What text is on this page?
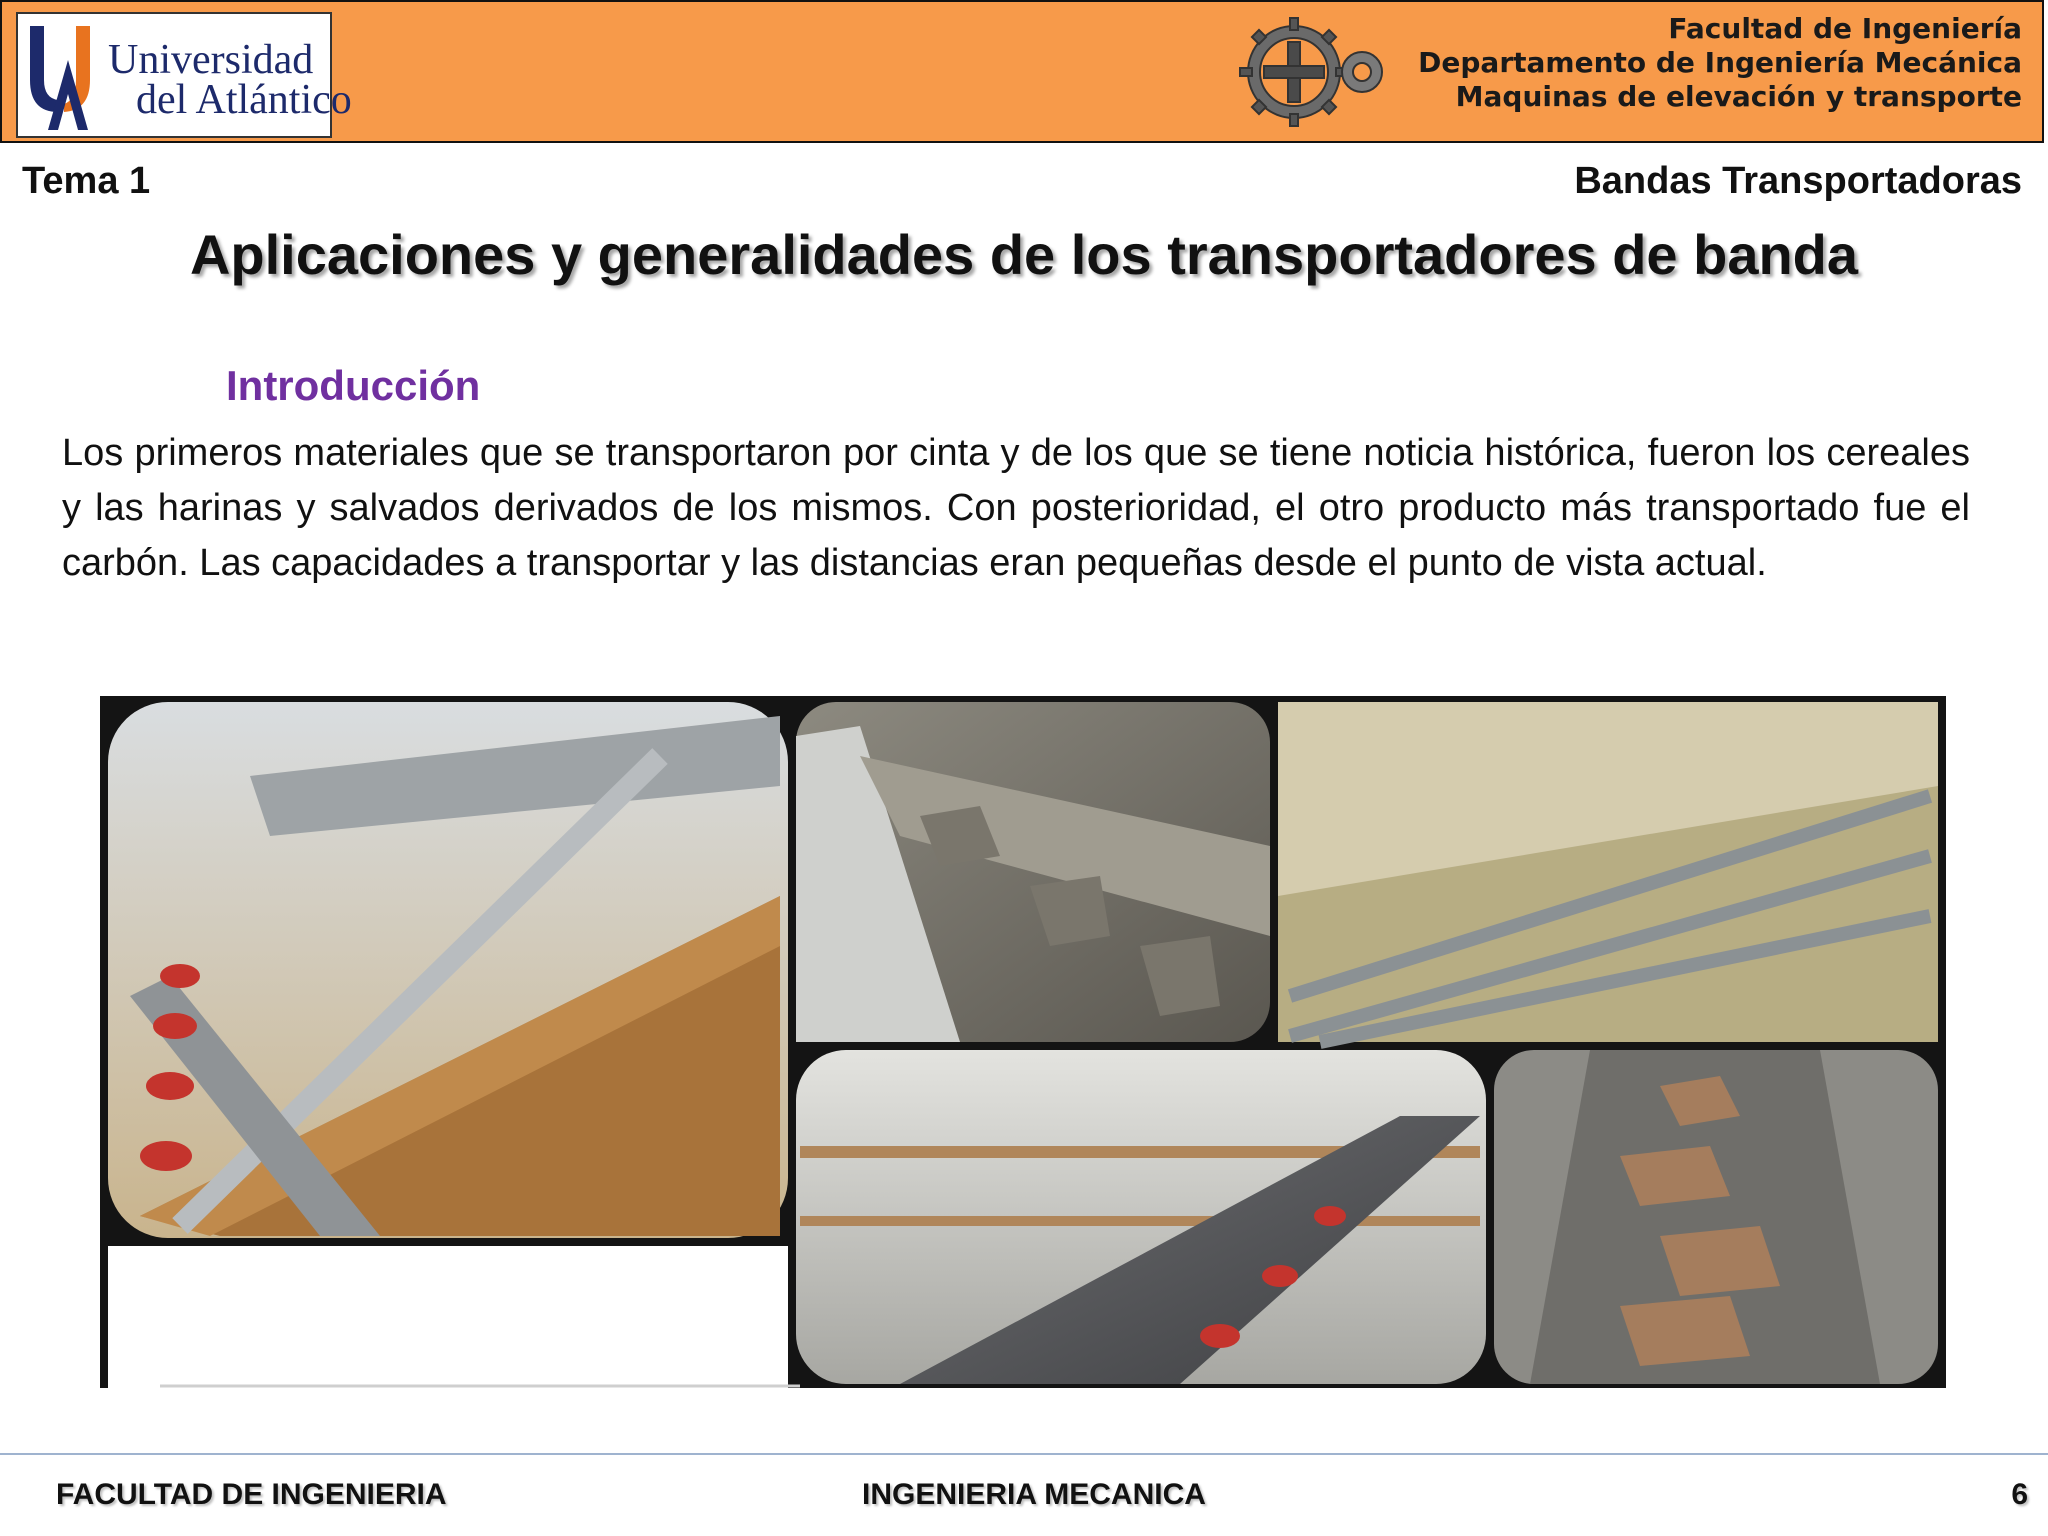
Universidad
del Atlántico
Facultad de Ingeniería
Departamento de Ingeniería Mecánica
Maquinas de elevación y transporte
Tema 1	Bandas Transportadoras
Aplicaciones y generalidades de los transportadores de banda
Introducción
Los primeros materiales que se transportaron por cinta y de los que se tiene noticia histórica, fueron los cereales y las harinas y salvados derivados de los mismos. Con posterioridad, el otro producto más transportado fue el carbón. Las capacidades a transportar y las distancias eran pequeñas desde el punto de vista actual.
FACULTAD DE INGENIERIA	INGENIERIA MECANICA	6
